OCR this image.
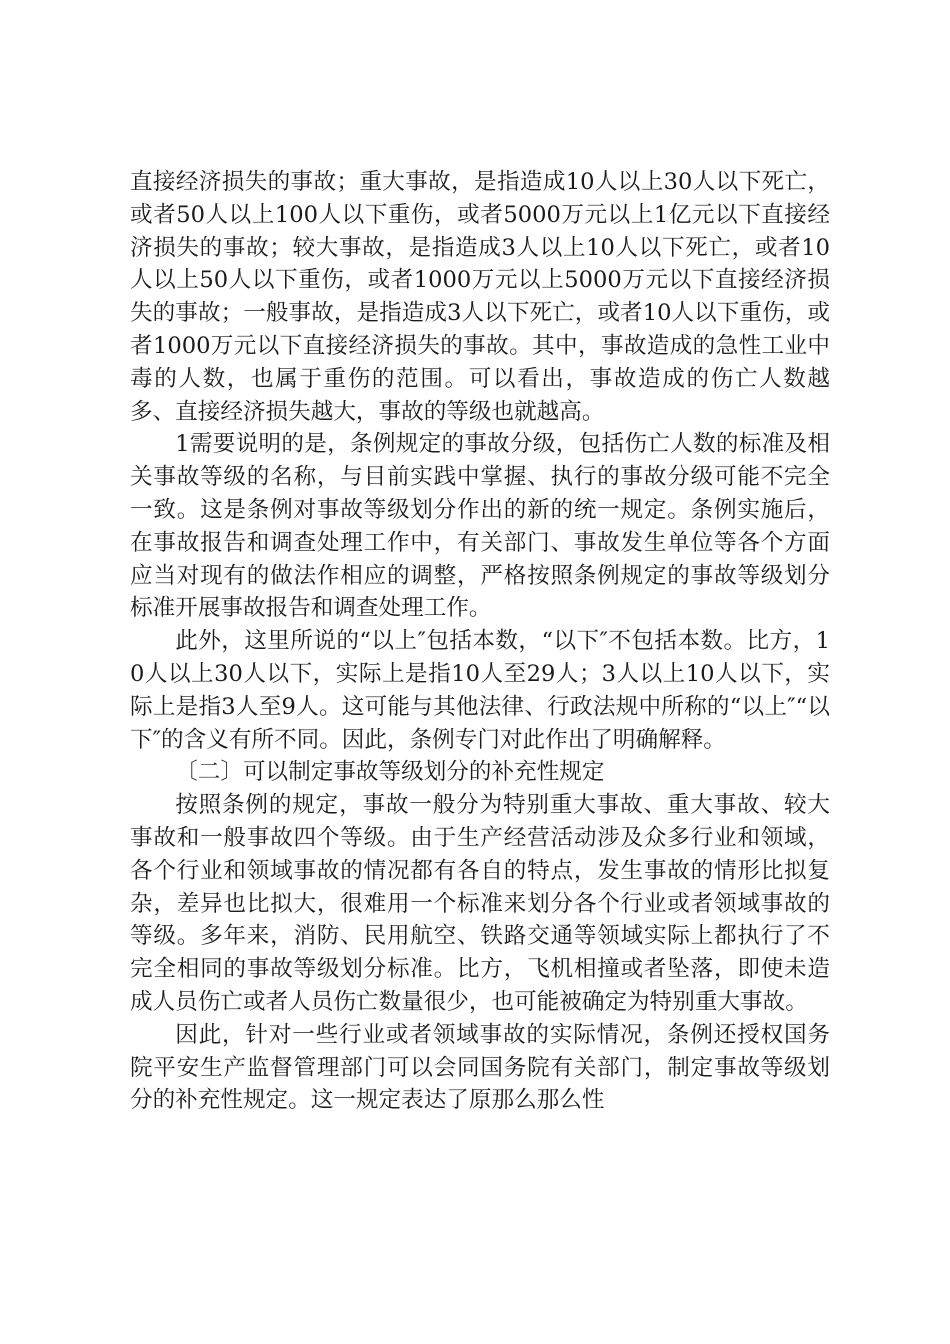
直接经济损失的事故；重大事故，是指造成10人以上30人以下死亡，或者50人以上100人以下重伤，或者5000万元以上1亿元以下直接经济损失的事故；较大事故，是指造成3人以上10人以下死亡，或者10人以上50人以下重伤，或者1000万元以上5000万元以下直接经济损失的事故；一般事故，是指造成3人以下死亡，或者10人以下重伤，或者1000万元以下直接经济损失的事故。其中，事故造成的急性工业中毒的人数，也属于重伤的范围。可以看出，事故造成的伤亡人数越多、直接经济损失越大，事故的等级也就越高。

1需要说明的是，条例规定的事故分级，包括伤亡人数的标准及相关事故等级的名称，与目前实践中掌握、执行的事故分级可能不完全一致。这是条例对事故等级划分作出的新的统一规定。条例实施后，在事故报告和调查处理工作中，有关部门、事故发生单位等各个方面应当对现有的做法作相应的调整，严格按照条例规定的事故等级划分标准开展事故报告和调查处理工作。

此外，这里所说的“以上″包括本数，“以下″不包括本数。比方，10人以上30人以下，实际上是指10人至29人；3人以上10人以下，实际上是指3人至9人。这可能与其他法律、行政法规中所称的“以上″“以下″的含义有所不同。因此，条例专门对此作出了明确解释。

〔二〕可以制定事故等级划分的补充性规定

按照条例的规定，事故一般分为特别重大事故、重大事故、较大事故和一般事故四个等级。由于生产经营活动涉及众多行业和领域，各个行业和领域事故的情况都有各自的特点，发生事故的情形比拟复杂，差异也比拟大，很难用一个标准来划分各个行业或者领域事故的等级。多年来，消防、民用航空、铁路交通等领域实际上都执行了不完全相同的事故等级划分标准。比方，飞机相撞或者坠落，即使未造成人员伤亡或者人员伤亡数量很少，也可能被确定为特别重大事故。

因此，针对一些行业或者领域事故的实际情况，条例还授权国务院平安生产监督管理部门可以会同国务院有关部门，制定事故等级划分的补充性规定。这一规定表达了原那么那么性
